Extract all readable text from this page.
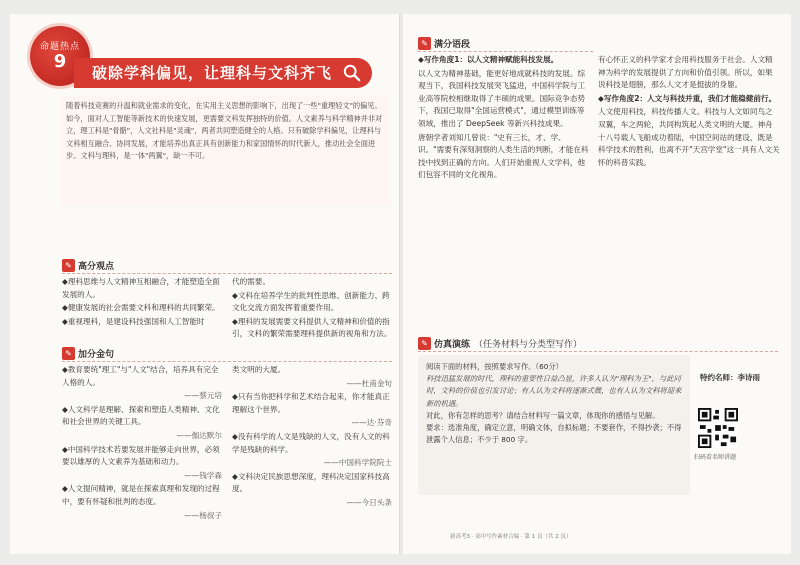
命题热点
9
破除学科偏见，让理科与文科齐飞
随着科技竞赛的升温和就业需求的变化，在实用主义思想的影响下，出现了一些"重理轻文"的偏见。如今，面对人工智能等新技术的快速发展，更需要文科发挥独特的价值。人文素养与科学精神并非对立，理工科是"骨骼"，人文社科是"灵魂"，两者共同塑造健全的人格。只有破除学科偏见，让理科与文科相互融合、协同发展，才能培养出真正具有创新能力和家国情怀的时代新人，推动社会全面进步。文科与理科，是一体"两翼"，缺一不可。
✎ 高分观点

◆理科思维与人文精神互相融合，才能塑造全面发展的人。

◆健康发展的社会需要文科和理科的共同繁荣。

◆重视理科，是建设科技强国和人工智能时

代的需要。

◆文科在培养学生的批判性思维、创新能力、跨文化交流方面发挥着重要作用。

◆理科的发展需要文科提供人文精神和价值的指引，文科的繁荣需要理科提供新的视角和方法。

✎ 加分金句

◆教育要统"理工"与"人文"结合，培养具有完全人格的人。

——蔡元培

◆人文科学是理解、探索和塑造人类精神、文化和社会世界的关键工具。

——伽达默尔

◆中国科学技术若要发展并能够走向世界，必须要以雄厚的人文素养为基础和动力。

——钱学森

◆人文提问精神，就是在探索真理和发现的过程中，要有怀疑和批判的态度。

——杨叔子

类文明的大厦。

——杜甫金句

◆只有当你把科学和艺术结合起来，你才能真正理解这个世界。

——达·芬奇

◆没有科学的人文是残缺的人文，没有人文的科学是残缺的科学。

——中国科学院院士

◆文科决定民族思想深度，理科决定国家科技高度。

——今日头条

✎ 满分语段

◆写作角度1：以人文精神赋能科技发展。

以人文为精神基础，能更好地成就科技的发展。综观当下，我国科技发展突飞猛进，中国科学院与工业高等院校相继取得了丰硕的成果。国际竞争态势下，我国已取得"全国运营模式"，通过模型训练等领域，推出了 DeepSeek 等新兴科技成果。

唐朝学者刘知几曾说："史有三长，才、学、识。"需要有深刻洞察的人类生活的判断，才能在科技中找到正确的方向。人们开始重视人文学科，他们包容不同的文化视角。

有心怀正义的科学家才会用科技服务于社会。人文精神为科学的发展提供了方向和价值引领。所以，如果说科技是翅膀，那么人文才是挺拔的身躯。

◆写作角度2：人文与科技并重，我们才能稳健前行。

人文使用科技，科技传播人文。科技与人文如同鸟之双翼，车之两轮，共同构筑起人类文明的大厦。神舟十八号载人飞船成功着陆，中国空间站的建设，既是科学技术的胜利，也离不开"天宫学堂"这一具有人文关怀的科普实践。

✎ 仿真演练 （任务材料与分类型写作）

阅读下面的材料，按照要求写作。（60分）

科技迅猛发展的时代，理科的重要性日益凸显，许多人认为"理科为王"，与此同时，文科的价值也引发讨论；有人认为文科将逐渐式微，也有人认为文科将迎来新的机遇。

对此，你有怎样的思考？请结合材料写一篇文章，体现你的感悟与见解。

要求：选准角度，确定立意，明确文体，自拟标题；不要套作，不得抄袭；不得泄露个人信息；不少于 800 字。

特约名师：李诗雨
扫码看名师讲题
新高考3 · 高中写作素材合编 · 第 1 页（共 2 页）
